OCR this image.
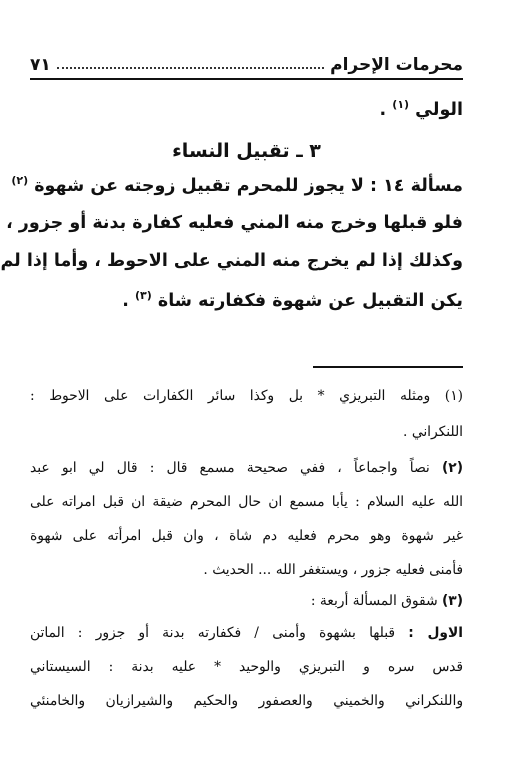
محرمات الإحرام
٧١
الولي $^{(١)}$ .
٣ ـ تقبيل النساء
مسألة ١٤ : لا يجوز للمحرم تقبيل زوجته عن شهوة $^{(٢)}$
فلو قبلها وخرج منه المني فعليه كفارة بدنة أو جزور ،
وكذلك إذا لم يخرج منه المني على الاحوط ، وأما إذا لم
يكن التقبيل عن شهوة فكفارته شاة $^{(٣)}$ .
(١) ومثله التبريزي * بل وكذا سائر الكفارات على الاحوط :
اللنكراني .
(٢) نصاً واجماعاً ، ففي صحيحة مسمع قال : قال لي ابو عبد
الله عليه السلام : يأبا مسمع ان حال المحرم ضيقة ان قبل امراته على
غير شهوة وهو محرم فعليه دم شاة ، وان قبل امرأته على شهوة
فأمنى فعليه جزور ، ويستغفر الله ... الحديث .
(٣) شقوق المسألة أربعة :
الاول : قبلها بشهوة وأمنى / فكفارته بدنة أو جزور : الماتن
قدس سره و التبريزي والوحيد * عليه بدنة : السيستاني
واللنكراني والخميني والعصفور والحكيم والشيرازيان والخامنئي
